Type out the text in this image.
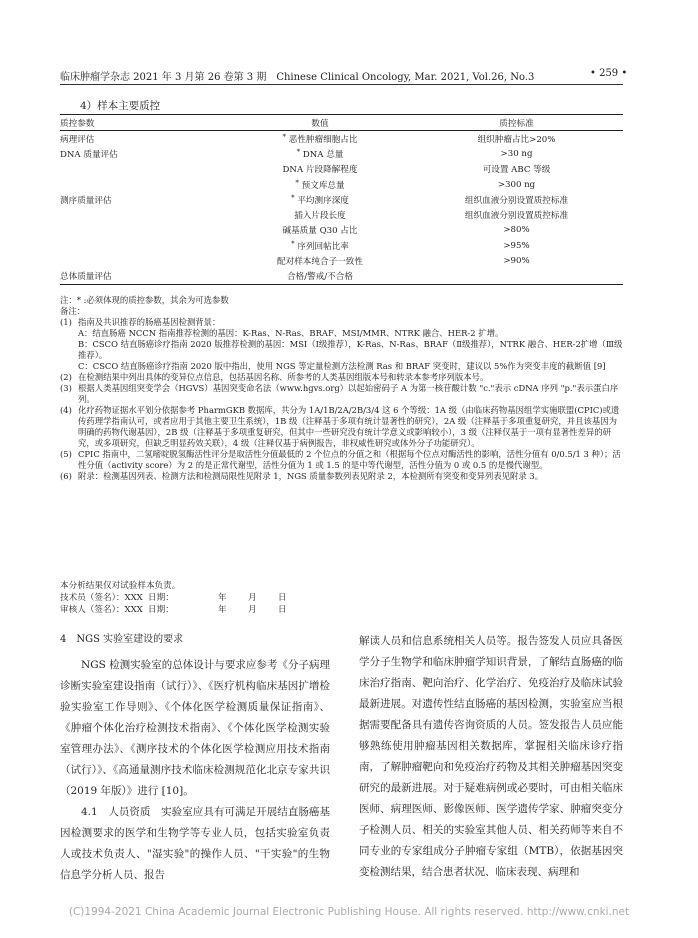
临床肿瘤学杂志 2021 年 3 月第 26 卷第 3 期　Chinese Clinical Oncology, Mar. 2021, Vol.26, No.3	• 259 •
4）样本主要质控
质控参数	数值	质控标准
病理评估	* 恶性肿瘤细胞占比	组织肿瘤占比>20%
DNA 质量评估	* DNA 总量	>30 ng
	DNA 片段降解程度	可设置 ABC 等级
	* 预文库总量	>300 ng
测序质量评估	* 平均测序深度	组织血液分别设置质控标准
	插入片段长度	组织血液分别设置质控标准
	碱基质量 Q30 占比	>80%
	* 序列回帖比率	>95%
	配对样本纯合子一致性	>90%
总体质量评估	合格/警戒/不合格	
注：* :必须体现的质控参数，其余为可选参数
备注：
(1) 指南及共识推荐的肠癌基因检测背景：
A：结直肠癌 NCCN 指南推荐检测的基因：K-Ras、N-Ras、BRAF、MSI/MMR、NTRK 融合、HER-2 扩增。
B：CSCO 结直肠癌诊疗指南 2020 版推荐检测的基因：MSI（Ⅰ级推荐），K-Ras、N-Ras、BRAF（Ⅱ级推荐），NTRK 融合、HER-2扩增（Ⅲ级推荐）。
C：CSCO 结直肠癌诊疗指南 2020 版中指出，使用 NGS 等定量检测方法检测 Ras 和 BRAF 突变时，建议以 5%作为突变丰度的截断值 [9]
(2) 在检测结果中列出具体的变异位点信息，包括基因名称、所参考的人类基因组版本号和转录本参考序列版本号。
(3) 根据人类基因组突变学会（HGVS）基因突变命名法（www.hgvs.org）以起始密码子 A 为第一核苷酸计数 "c."表示 cDNA 序列 "p."表示蛋白序列。
(4) 化疗药物证据水平划分依据参考 PharmGKB 数据库，共分为 1A/1B/2A/2B/3/4 这 6 个等级：1A 级（由临床药物基因组学实施联盟(CPIC)或遗传药理学指南认可，或者应用于其他主要卫生系统），1B 级（注释基于多项有统计显著性的研究），2A 级（注释基于多项重复研究，并且该基因为明确的药物代谢基因），2B 级（注释基于多项重复研究，但其中一些研究没有统计学意义或影响较小），3 级（注释仅基于一项有显著性差异的研究，或多项研究，但缺乏明显药效关联），4 级（注释仅基于病例报告，非权威性研究或体外分子功能研究）。
(5) CPIC 指南中，二氢嘧啶脱氢酶活性评分是取活性分值最低的 2 个位点的分值之和（根据每个位点对酶活性的影响，活性分值有 0/0.5/1 3 种）；活性分值（activity score）为 2 的是正常代谢型，活性分值为 1 或 1.5 的是中等代谢型，活性分值为 0 或 0.5 的是慢代谢型。
(6) 附录：检测基因列表、检测方法和检测局限性见附录 1，NGS 质量参数列表见附录 2，本检测所有突变和变异列表见附录 3。
本分析结果仅对试验样本负责。
技术员（签名）：XXX 日期：	年	月	日
审核人（签名）：XXX 日期：	年	月	日
4　NGS 实验室建设的要求
NGS 检测实验室的总体设计与要求应参考《分子病理诊断实验室建设指南（试行）》、《医疗机构临床基因扩增检验实验室工作导则》、《个体化医学检测质量保证指南》、《肿瘤个体化治疗检测技术指南》、《个体化医学检测实验室管理办法》、《测序技术的个体化医学检测应用技术指南（试行）》、《高通量测序技术临床检测规范化北京专家共识（2019 年版）》进行 [10]。
4.1　人员资质　实验室应具有可满足开展结直肠癌基因检测要求的医学和生物学等专业人员，包括实验室负责人或技术负责人、"湿实验"的操作人员、"干实验"的生物信息学分析人员、报告
解读人员和信息系统相关人员等。报告签发人员应具备医学分子生物学和临床肿瘤学知识背景，了解结直肠癌的临床治疗指南、靶向治疗、化学治疗、免疫治疗及临床试验最新进展。对遗传性结直肠癌的基因检测，实验室应当根据需要配备具有遗传咨询资质的人员。签发报告人员应能够熟练使用肿瘤基因相关数据库，掌握相关临床诊疗指南，了解肿瘤靶向和免疫治疗药物及其相关肿瘤基因突变研究的最新进展。对于疑难病例或必要时，可由相关临床医师、病理医师、影像医师、医学遗传学家、肿瘤突变分子检测人员、相关的实验室其他人员、相关药师等来自不同专业的专家组成分子肿瘤专家组（MTB），依据基因突变检测结果，结合患者状况、临床表现、病理和
(C)1994-2021 China Academic Journal Electronic Publishing House. All rights reserved. http://www.cnki.net
